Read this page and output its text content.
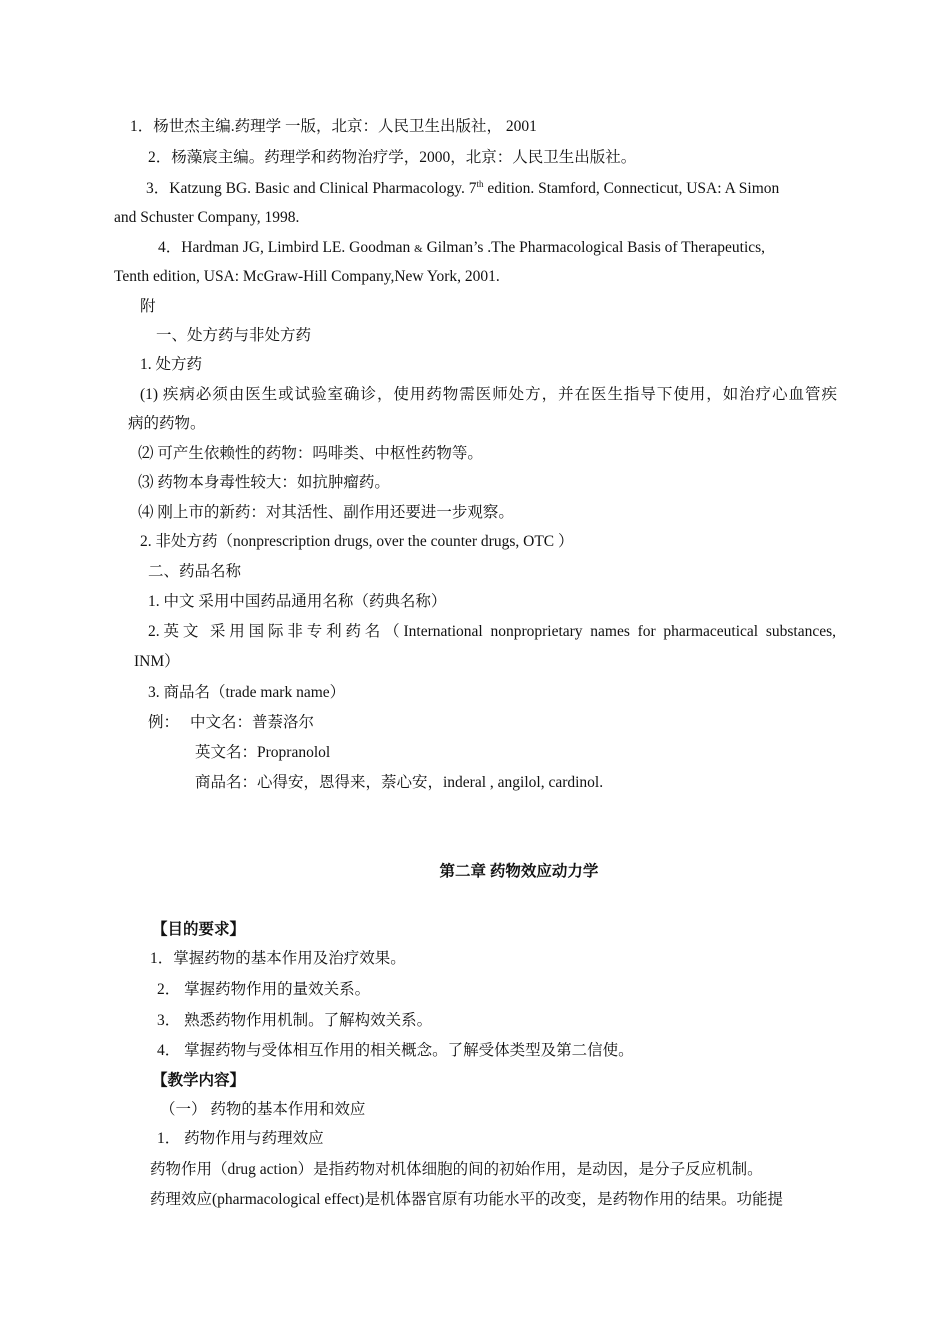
1．杨世杰主编.药理学 一版，北京：人民卫生出版社， 2001
2．杨藻宸主编。药理学和药物治疗学，2000，北京：人民卫生出版社。
3．Katzung BG. Basic and Clinical Pharmacology. 7th edition. Stamford, Connecticut, USA: A Simon
and Schuster Company, 1998.
4．Hardman JG, Limbird LE. Goodman & Gilman’s .The Pharmacological Basis of Therapeutics,
Tenth edition, USA: McGraw-Hill Company,New York, 2001.
附
一、处方药与非处方药
1. 处方药
(1) 疾病必须由医生或试验室确诊，使用药物需医师处方，并在医生指导下使用，如治疗心血管疾
病的药物。
⑵ 可产生依赖性的药物：吗啡类、中枢性药物等。
⑶ 药物本身毒性较大：如抗肿瘤药。
⑷ 刚上市的新药：对其活性、副作用还要进一步观察。
2. 非处方药（nonprescription drugs, over the counter drugs, OTC ）
二、药品名称
1. 中文 采用中国药品通用名称（药典名称）
2.英文 采用国际非专利药名（International nonproprietary names for pharmaceutical substances,
INM）
3. 商品名（trade mark name）
例： 中文名：普萘洛尔
英文名：Propranolol
商品名：心得安，恩得来，萘心安，inderal , angilol, cardinol.
第二章 药物效应动力学
【目的要求】
1．掌握药物的基本作用及治疗效果。
2． 掌握药物作用的量效关系。
3． 熟悉药物作用机制。了解构效关系。
4． 掌握药物与受体相互作用的相关概念。了解受体类型及第二信使。
【教学内容】
（一） 药物的基本作用和效应
1． 药物作用与药理效应
药物作用（drug action）是指药物对机体细胞的间的初始作用，是动因，是分子反应机制。
药理效应(pharmacological effect)是机体器官原有功能水平的改变，是药物作用的结果。功能提
